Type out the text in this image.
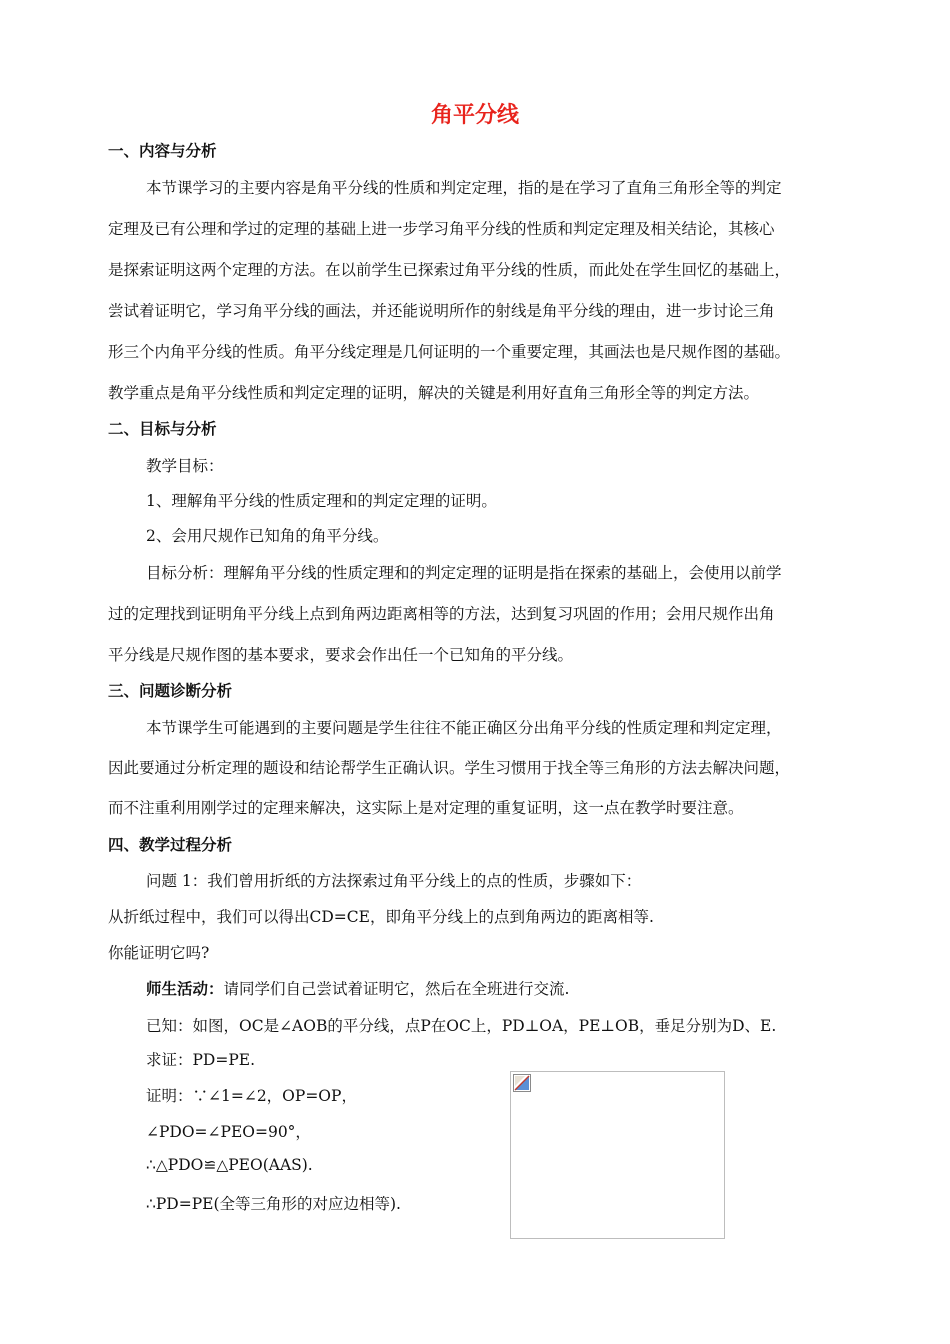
角平分线
一、内容与分析
本节课学习的主要内容是角平分线的性质和判定定理，指的是在学习了直角三角形全等的判定
定理及已有公理和学过的定理的基础上进一步学习角平分线的性质和判定定理及相关结论，其核心
是探索证明这两个定理的方法。在以前学生已探索过角平分线的性质，而此处在学生回忆的基础上，
尝试着证明它，学习角平分线的画法，并还能说明所作的射线是角平分线的理由，进一步讨论三角
形三个内角平分线的性质。角平分线定理是几何证明的一个重要定理，其画法也是尺规作图的基础。
教学重点是角平分线性质和判定定理的证明，解决的关键是利用好直角三角形全等的判定方法。
二、目标与分析
教学目标：
1、理解角平分线的性质定理和的判定定理的证明。
2、会用尺规作已知角的角平分线。
目标分析：理解角平分线的性质定理和的判定定理的证明是指在探索的基础上，会使用以前学
过的定理找到证明角平分线上点到角两边距离相等的方法，达到复习巩固的作用；会用尺规作出角
平分线是尺规作图的基本要求，要求会作出任一个已知角的平分线。
三、问题诊断分析
本节课学生可能遇到的主要问题是学生往往不能正确区分出角平分线的性质定理和判定定理，
因此要通过分析定理的题设和结论帮学生正确认识。学生习惯用于找全等三角形的方法去解决问题，
而不注重利用刚学过的定理来解决，这实际上是对定理的重复证明，这一点在教学时要注意。
四、教学过程分析
问题 1：我们曾用折纸的方法探索过角平分线上的点的性质，步骤如下：
从折纸过程中，我们可以得出CD=CE，即角平分线上的点到角两边的距离相等.
你能证明它吗?
师生活动：请同学们自己尝试着证明它，然后在全班进行交流.
已知：如图，OC是∠AOB的平分线，点P在OC上，PD⊥OA，PE⊥OB，垂足分别为D、E.
求证：PD=PE.
证明：∵∠1=∠2，OP=OP，
∠PDO=∠PEO=90°，
∴△PDO≌△PEO(AAS).
∴PD=PE(全等三角形的对应边相等).
